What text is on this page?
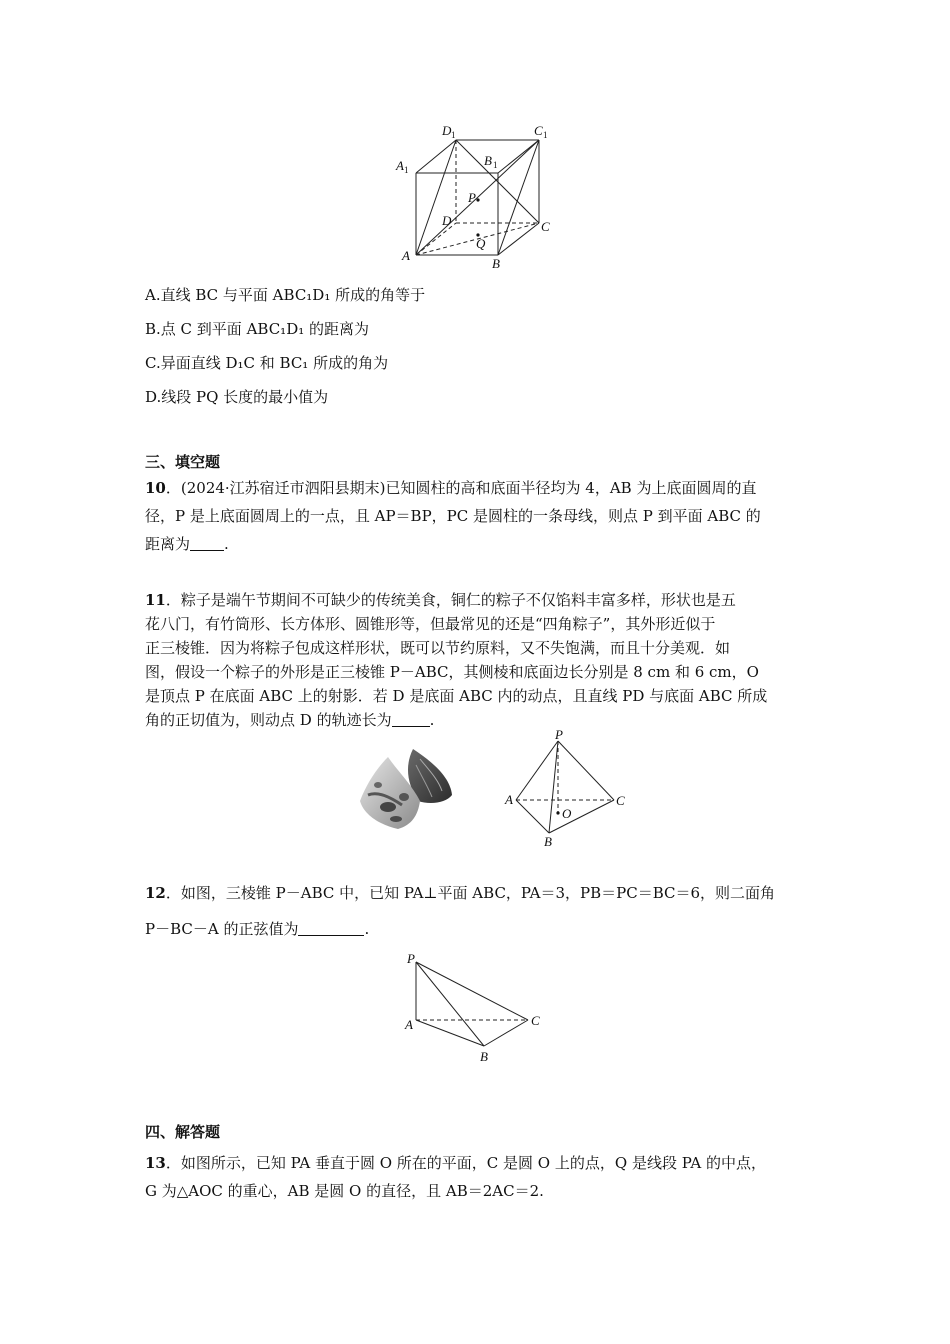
D 1	C 1
A 1
B 1
P
D
Q
A
B
C
A.直线 BC 与平面 ABC₁D₁ 所成的角等于
B.点 C 到平面 ABC₁D₁ 的距离为
C.异面直线 D₁C 和 BC₁ 所成的角为
D.线段 PQ 长度的最小值为
三、填空题
10．(2024·江苏宿迁市泗阳县期末)已知圆柱的高和底面半径均为 4，AB 为上底面圆周的直
径，P 是上底面圆周上的一点，且 AP＝BP，PC 是圆柱的一条母线，则点 P 到平面 ABC 的
距离为 .
11．粽子是端午节期间不可缺少的传统美食，铜仁的粽子不仅馅料丰富多样，形状也是五
花八门，有竹筒形、长方体形、圆锥形等，但最常见的还是“四角粽子”，其外形近似于
正三棱锥．因为将粽子包成这样形状，既可以节约原料，又不失饱满，而且十分美观．如
图，假设一个粽子的外形是正三棱锥 P－ABC，其侧棱和底面边长分别是 8 cm 和 6 cm，O
是顶点 P 在底面 ABC 上的射影．若 D 是底面 ABC 内的动点，且直线 PD 与底面 ABC 所成
角的正切值为，则动点 D 的轨迹长为	.
P
A	C
O
B
12．如图，三棱锥 P－ABC 中，已知 PA⊥平面 ABC，PA＝3，PB＝PC＝BC＝6，则二面角
P－BC－A 的正弦值为	.
P
A	C
B
四、解答题
13．如图所示，已知 PA 垂直于圆 O 所在的平面，C 是圆 O 上的点，Q 是线段 PA 的中点，
G 为△AOC 的重心，AB 是圆 O 的直径，且 AB＝2AC＝2.
